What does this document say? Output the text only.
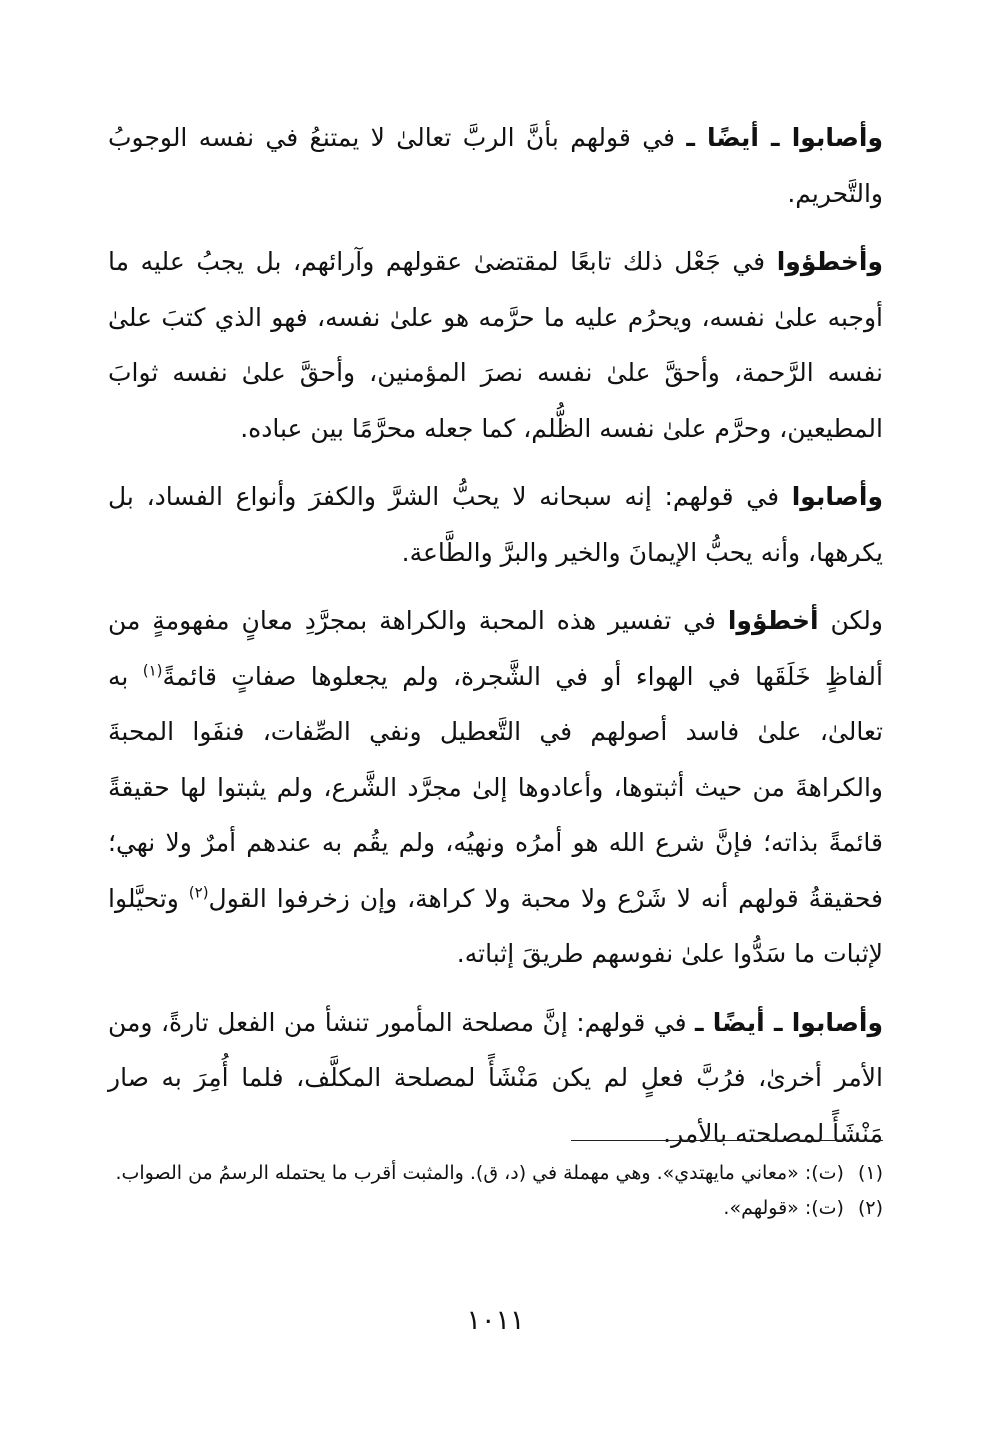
وأصابوا ـ أيضًا ـ في قولهم بأنَّ الربَّ تعالىٰ لا يمتنعُ في نفسه الوجوبُ والتَّحريم.

وأخطؤوا في جَعْل ذلك تابعًا لمقتضىٰ عقولهم وآرائهم، بل يجبُ عليه ما أوجبه علىٰ نفسه، ويحرُم عليه ما حرَّمه هو علىٰ نفسه، فهو الذي كتبَ علىٰ نفسه الرَّحمة، وأحقَّ علىٰ نفسه نصرَ المؤمنين، وأحقَّ علىٰ نفسه ثوابَ المطيعين، وحرَّم علىٰ نفسه الظُّلم، كما جعله محرَّمًا بين عباده.

وأصابوا في قولهم: إنه سبحانه لا يحبُّ الشرَّ والكفرَ وأنواع الفساد، بل يكرهها، وأنه يحبُّ الإيمانَ والخير والبرَّ والطَّاعة.

ولكن أخطؤوا في تفسير هذه المحبة والكراهة بمجرَّدِ معانٍ مفهومةٍ من ألفاظٍ خَلَقَها في الهواء أو في الشَّجرة، ولم يجعلوها صفاتٍ قائمةً$^{(١)}$ به تعالىٰ، علىٰ فاسد أصولهم في التَّعطيل ونفي الصِّفات، فنفَوا المحبةَ والكراهةَ من حيث أثبتوها، وأعادوها إلىٰ مجرَّد الشَّرع، ولم يثبتوا لها حقيقةً قائمةً بذاته؛ فإنَّ شرع الله هو أمرُه ونهيُه، ولم يقُم به عندهم أمرٌ ولا نهي؛ فحقيقةُ قولهم أنه لا شَرْع ولا محبة ولا كراهة، وإن زخرفوا القول$^{(٢)}$ وتحيَّلوا لإثبات ما سَدُّوا علىٰ نفوسهم طريقَ إثباته.

وأصابوا ـ أيضًا ـ في قولهم: إنَّ مصلحة المأمور تنشأ من الفعل تارةً، ومن الأمر أخرىٰ، فرُبَّ فعلٍ لم يكن مَنْشَأً لمصلحة المكلَّف، فلما أُمِرَ به صار مَنْشَأً لمصلحته بالأمر.

(١)
(ت): «معاني مايهتدي». وهي مهملة في (د، ق). والمثبت أقرب ما يحتمله الرسمُ من الصواب.
(٢)
(ت): «قولهم».
١٠١١
